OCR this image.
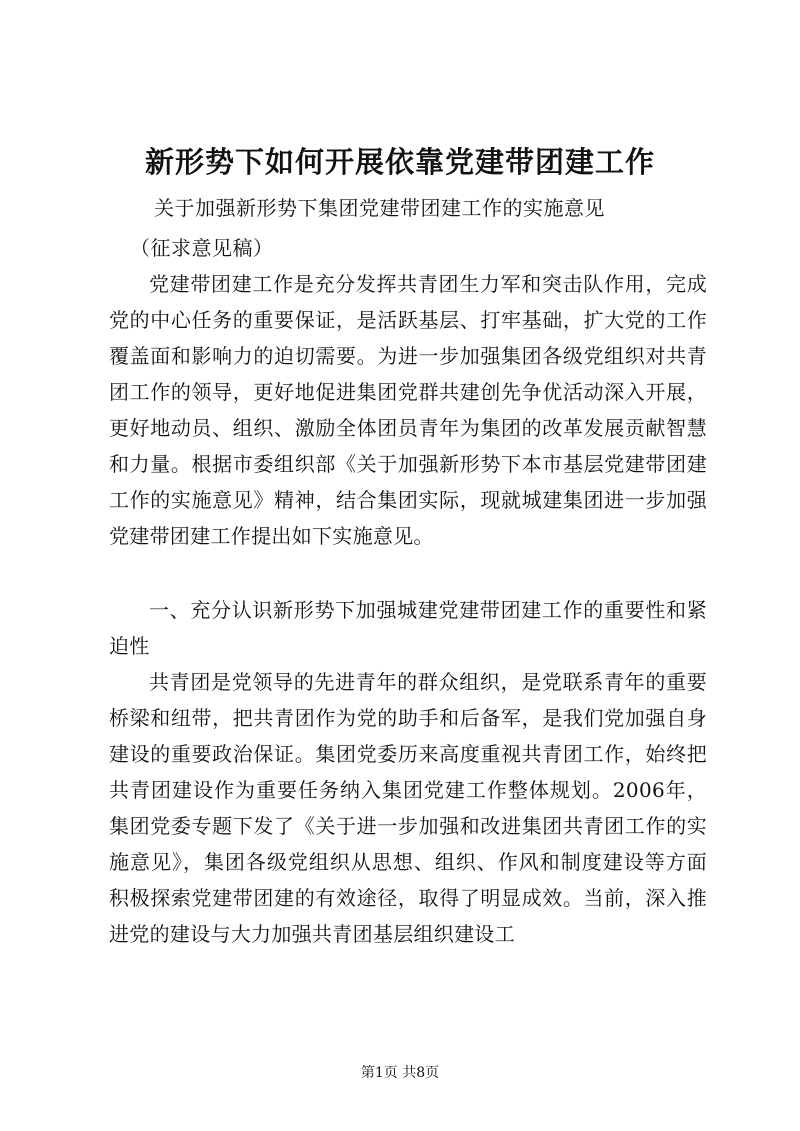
新形势下如何开展依靠党建带团建工作
关于加强新形势下集团党建带团建工作的实施意见
（征求意见稿）

党建带团建工作是充分发挥共青团生力军和突击队作用，完成党的中心任务的重要保证，是活跃基层、打牢基础，扩大党的工作覆盖面和影响力的迫切需要。为进一步加强集团各级党组织对共青团工作的领导，更好地促进集团党群共建创先争优活动深入开展，更好地动员、组织、激励全体团员青年为集团的改革发展贡献智慧和力量。根据市委组织部《关于加强新形势下本市基层党建带团建工作的实施意见》精神，结合集团实际，现就城建集团进一步加强党建带团建工作提出如下实施意见。

一、充分认识新形势下加强城建党建带团建工作的重要性和紧迫性

共青团是党领导的先进青年的群众组织，是党联系青年的重要桥梁和纽带，把共青团作为党的助手和后备军，是我们党加强自身建设的重要政治保证。集团党委历来高度重视共青团工作，始终把共青团建设作为重要任务纳入集团党建工作整体规划。2006年，集团党委专题下发了《关于进一步加强和改进集团共青团工作的实施意见》，集团各级党组织从思想、组织、作风和制度建设等方面积极探索党建带团建的有效途径，取得了明显成效。当前，深入推进党的建设与大力加强共青团基层组织建设工

第1页 共8页
